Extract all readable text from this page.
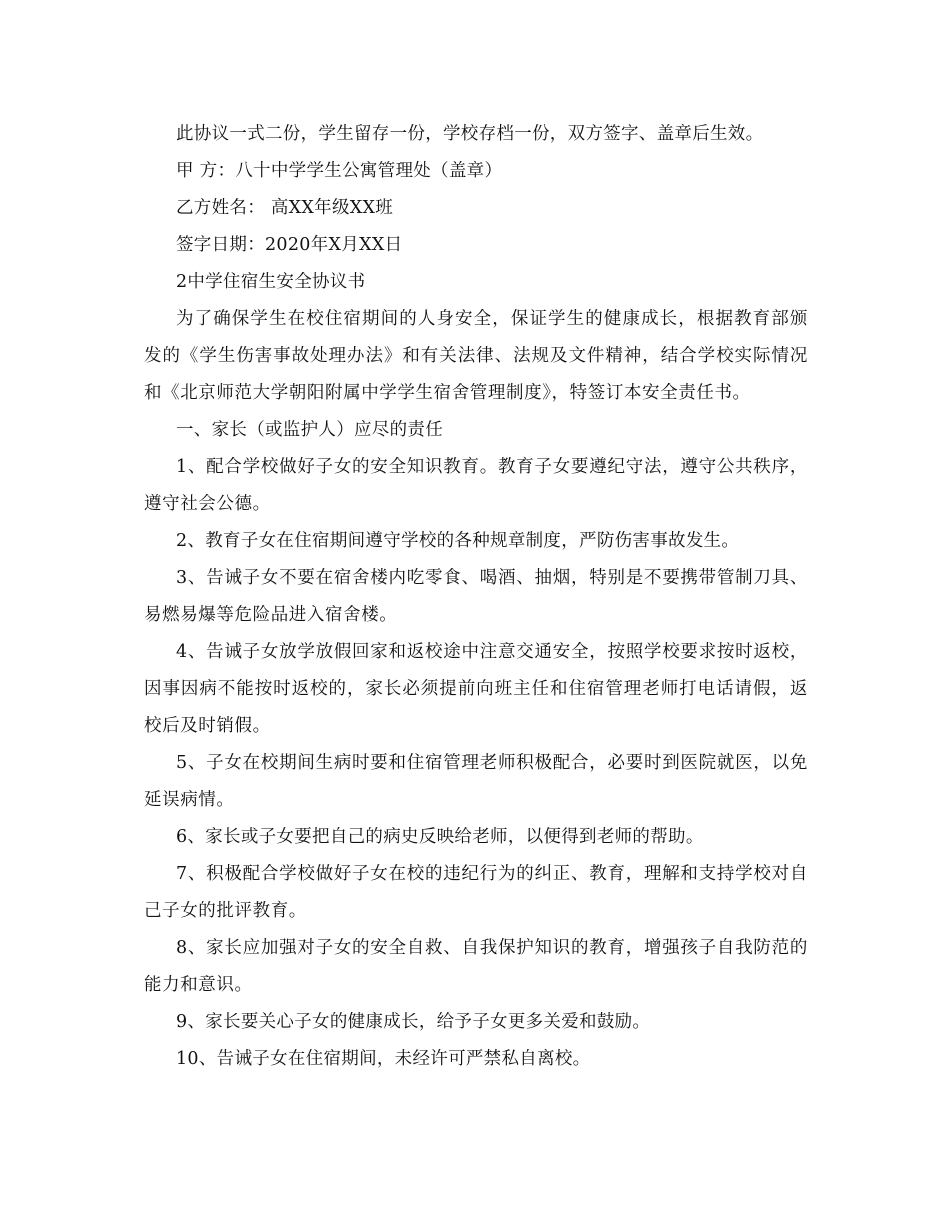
此协议一式二份，学生留存一份，学校存档一份，双方签字、盖章后生效。

甲 方：八十中学学生公寓管理处（盖章）

乙方姓名： 高XX年级XX班

签字日期：2020年X月XX日

2中学住宿生安全协议书

为了确保学生在校住宿期间的人身安全，保证学生的健康成长，根据教育部颁发的《学生伤害事故处理办法》和有关法律、法规及文件精神，结合学校实际情况和《北京师范大学朝阳附属中学学生宿舍管理制度》，特签订本安全责任书。

一、家长（或监护人）应尽的责任

1、配合学校做好子女的安全知识教育。教育子女要遵纪守法，遵守公共秩序，遵守社会公德。

2、教育子女在住宿期间遵守学校的各种规章制度，严防伤害事故发生。

3、告诫子女不要在宿舍楼内吃零食、喝酒、抽烟，特别是不要携带管制刀具、易燃易爆等危险品进入宿舍楼。

4、告诫子女放学放假回家和返校途中注意交通安全，按照学校要求按时返校，因事因病不能按时返校的，家长必须提前向班主任和住宿管理老师打电话请假，返校后及时销假。

5、子女在校期间生病时要和住宿管理老师积极配合，必要时到医院就医，以免延误病情。

6、家长或子女要把自己的病史反映给老师，以便得到老师的帮助。

7、积极配合学校做好子女在校的违纪行为的纠正、教育，理解和支持学校对自己子女的批评教育。

8、家长应加强对子女的安全自救、自我保护知识的教育，增强孩子自我防范的能力和意识。

9、家长要关心子女的健康成长，给予子女更多关爱和鼓励。

10、告诫子女在住宿期间，未经许可严禁私自离校。
